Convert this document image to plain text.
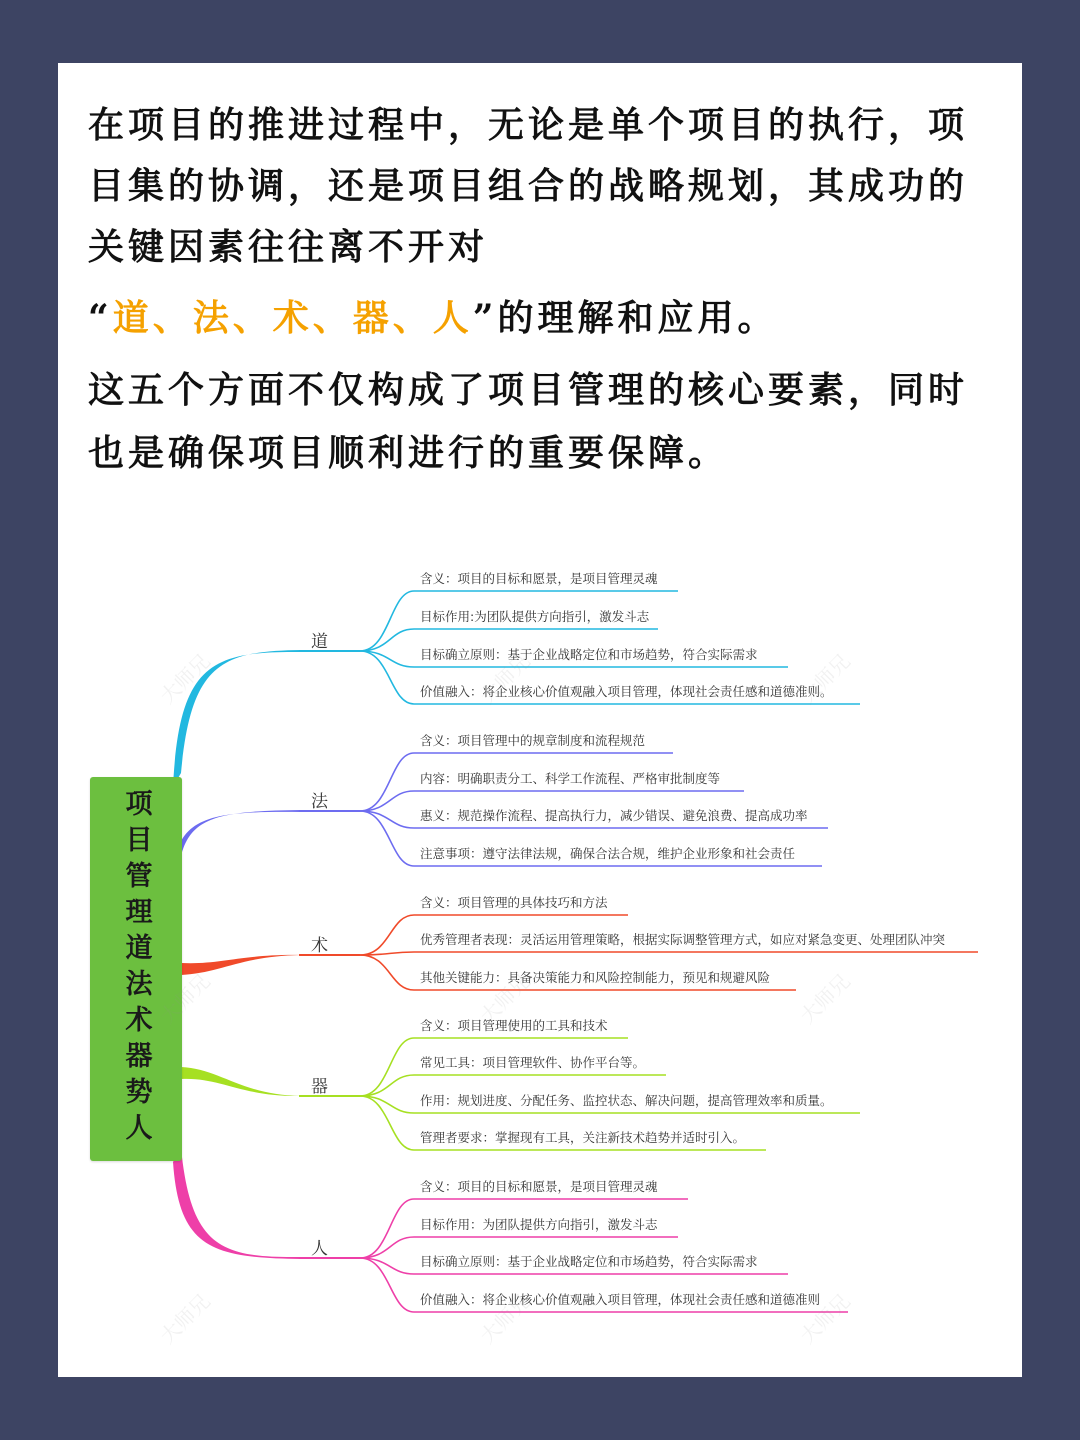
在项目的推进过程中，无论是单个项目的执行，项目集的协调，还是项目组合的战略规划，其成功的关键因素往往离不开对

“道、法、术、器、人”的理解和应用。

这五个方面不仅构成了项目管理的核心要素，同时也是确保项目顺利进行的重要保障。

道
含义：项目的目标和愿景，是项目管理灵魂
目标作用:为团队提供方向指引，激发斗志
目标确立原则：基于企业战略定位和市场趋势，符合实际需求
价值融入：将企业核心价值观融入项目管理，体现社会责任感和道德准则。
法
含义：项目管理中的规章制度和流程规范
内容：明确职责分工、科学工作流程、严格审批制度等
惠义：规范操作流程、提高执行力，减少错误、避免浪费、提高成功率
注意事项：遵守法律法规，确保合法合规，维护企业形象和社会责任
术
含义：项目管理的具体技巧和方法
优秀管理者表现：灵活运用管理策略，根据实际调整管理方式，如应对紧急变更、处理团队冲突
其他关键能力：具备决策能力和风险控制能力，预见和规避风险
器
含义：项目管理使用的工具和技术
常见工具：项目管理软件、协作平台等。
作用：规划进度、分配任务、监控状态、解决问题，提高管理效率和质量。
管理者要求：掌握现有工具，关注新技术趋势并适时引入。
人
含义：项目的目标和愿景，是项目管理灵魂
目标作用：为团队提供方向指引，激发斗志
目标确立原则：基于企业战略定位和市场趋势，符合实际需求
价值融入：将企业核心价值观融入项目管理，体现社会责任感和道德准则
项目管理道法术器势人
大师兄	大师兄	大师兄
大师兄	大师兄	大师兄
大师兄	大师兄	大师兄
